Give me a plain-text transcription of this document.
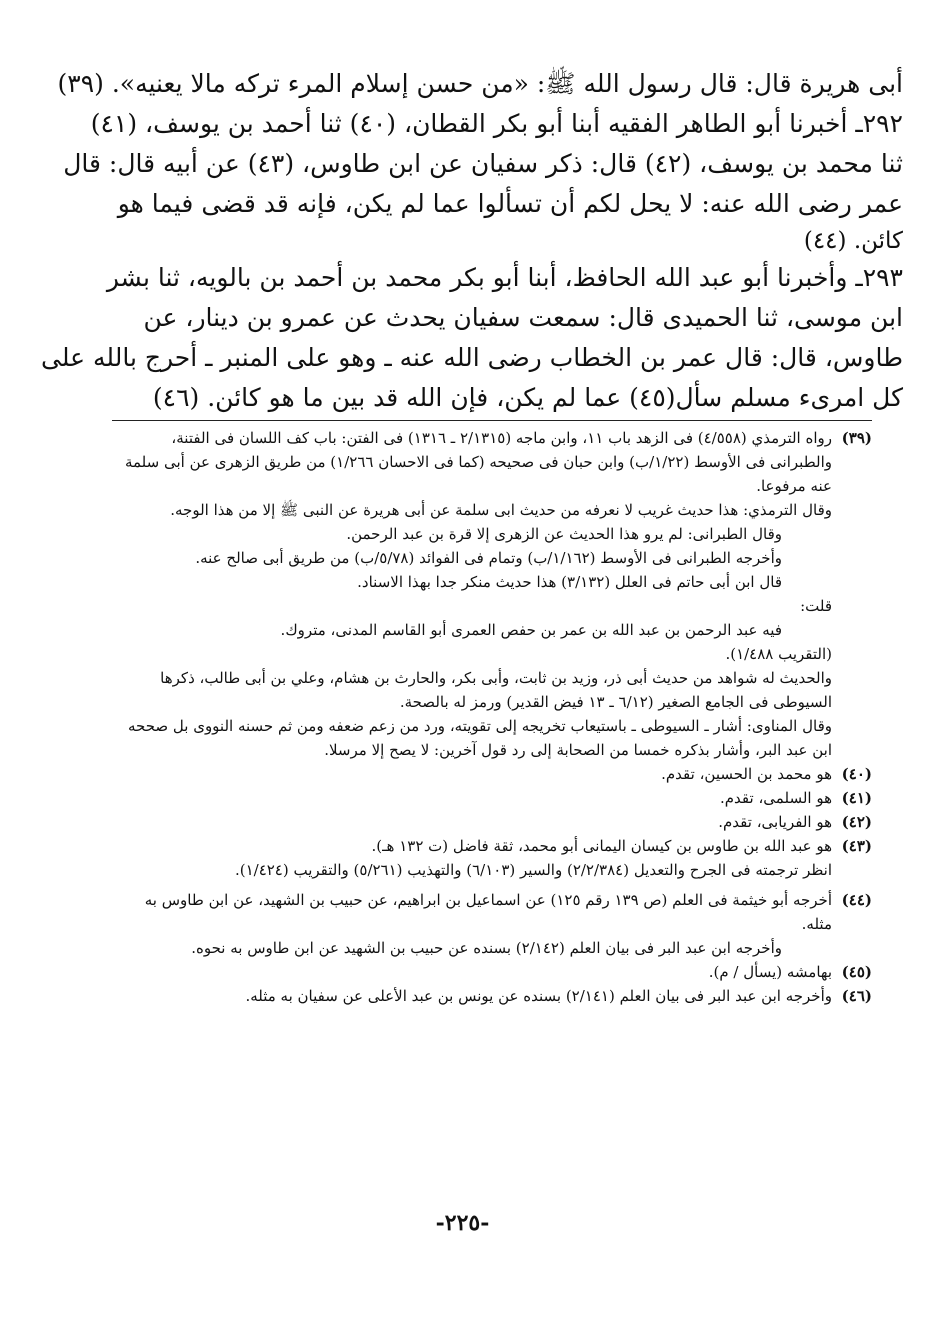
أبى هريرة قال: قال رسول الله ﷺ: «من حسن إسلام المرء تركه مالا يعنيه». (٣٩)
٢٩٢ـ أخبرنا أبو الطاهر الفقيه أبنا أبو بكر القطان، (٤٠) ثنا أحمد بن يوسف، (٤١)
ثنا محمد بن يوسف، (٤٢) قال: ذكر سفيان عن ابن طاوس، (٤٣) عن أبيه قال: قال
عمر رضى الله عنه: لا يحل لكم أن تسألوا عما لم يكن، فإنه قد قضى فيما هو
كائن. (٤٤)
٢٩٣ـ وأخبرنا أبو عبد الله الحافظ، أبنا أبو بكر محمد بن أحمد بن بالويه، ثنا بشر
ابن موسى، ثنا الحميدى قال: سمعت سفيان يحدث عن عمرو بن دينار، عن
طاوس، قال: قال عمر بن الخطاب رضى الله عنه ـ وهو على المنبر ـ أحرج بالله على
كل امرىء مسلم سأل(٤٥) عما لم يكن، فإن الله قد بين ما هو كائن. (٤٦)
(٣٩)
رواه الترمذي (٤/٥٥٨) فى الزهد باب ١١، وابن ماجه (٢/١٣١٥ ـ ١٣١٦) فى الفتن: باب كف اللسان فى الفتنة، والطبرانى فى الأوسط (١/٢٢/ب) وابن حبان فى صحيحه (كما فى الاحسان ١/٢٦٦) من طريق الزهرى عن أبى سلمة عنه مرفوعا.
وقال الترمذي: هذا حديث غريب لا نعرفه من حديث ابى سلمة عن أبى هريرة عن النبى ﷺ إلا من هذا الوجه.
وقال الطبرانى: لم يرو هذا الحديث عن الزهرى إلا قرة بن عبد الرحمن.
وأخرجه الطبرانى فى الأوسط (١/١٦٢/ب) وتمام فى الفوائد (٥/٧٨/ب) من طريق أبى صالح عنه.
قال ابن أبى حاتم فى العلل (٣/١٣٢) هذا حديث منكر جدا بهذا الاسناد.
قلت:
فيه عبد الرحمن بن عبد الله بن عمر بن حفص العمرى أبو القاسم المدنى، متروك.
(التقريب ١/٤٨٨).
والحديث له شواهد من حديث أبى ذر، وزيد بن ثابت، وأبى بكر، والحارث بن هشام، وعلي بن أبى طالب، ذكرها السيوطى فى الجامع الصغير (٦/١٢ ـ ١٣ فيض القدير) ورمز له بالصحة.
وقال المناوى: أشار ـ السيوطى ـ باستيعاب تخريجه إلى تقويته، ورد من زعم ضعفه ومن ثم حسنه النووى بل صححه ابن عبد البر، وأشار بذكره خمسا من الصحابة إلى رد قول آخرين: لا يصح إلا مرسلا.
(٤٠)
هو محمد بن الحسين، تقدم.
(٤١)
هو السلمى، تقدم.
(٤٢)
هو الفريابى، تقدم.
(٤٣)
هو عبد الله بن طاوس بن كيسان اليمانى أبو محمد، ثقة فاضل (ت ١٣٢ هـ).
انظر ترجمته فى الجرح والتعديل (٢/٢/٣٨٤) والسير (٦/١٠٣) والتهذيب (٥/٢٦١) والتقريب (١/٤٢٤).
(٤٤)
أخرجه أبو خيثمة فى العلم (ص ١٣٩ رقم ١٢٥) عن اسماعيل بن ابراهيم، عن حبيب بن الشهيد، عن ابن طاوس به مثله.
وأخرجه ابن عبد البر فى بيان العلم (٢/١٤٢) بسنده عن حبيب بن الشهيد عن ابن طاوس به نحوه.
(٤٥)
بهامشه (يسأل / م).
(٤٦)
وأخرجه ابن عبد البر فى بيان العلم (٢/١٤١) بسنده عن يونس بن عبد الأعلى عن سفيان به مثله.
-٢٢٥-
